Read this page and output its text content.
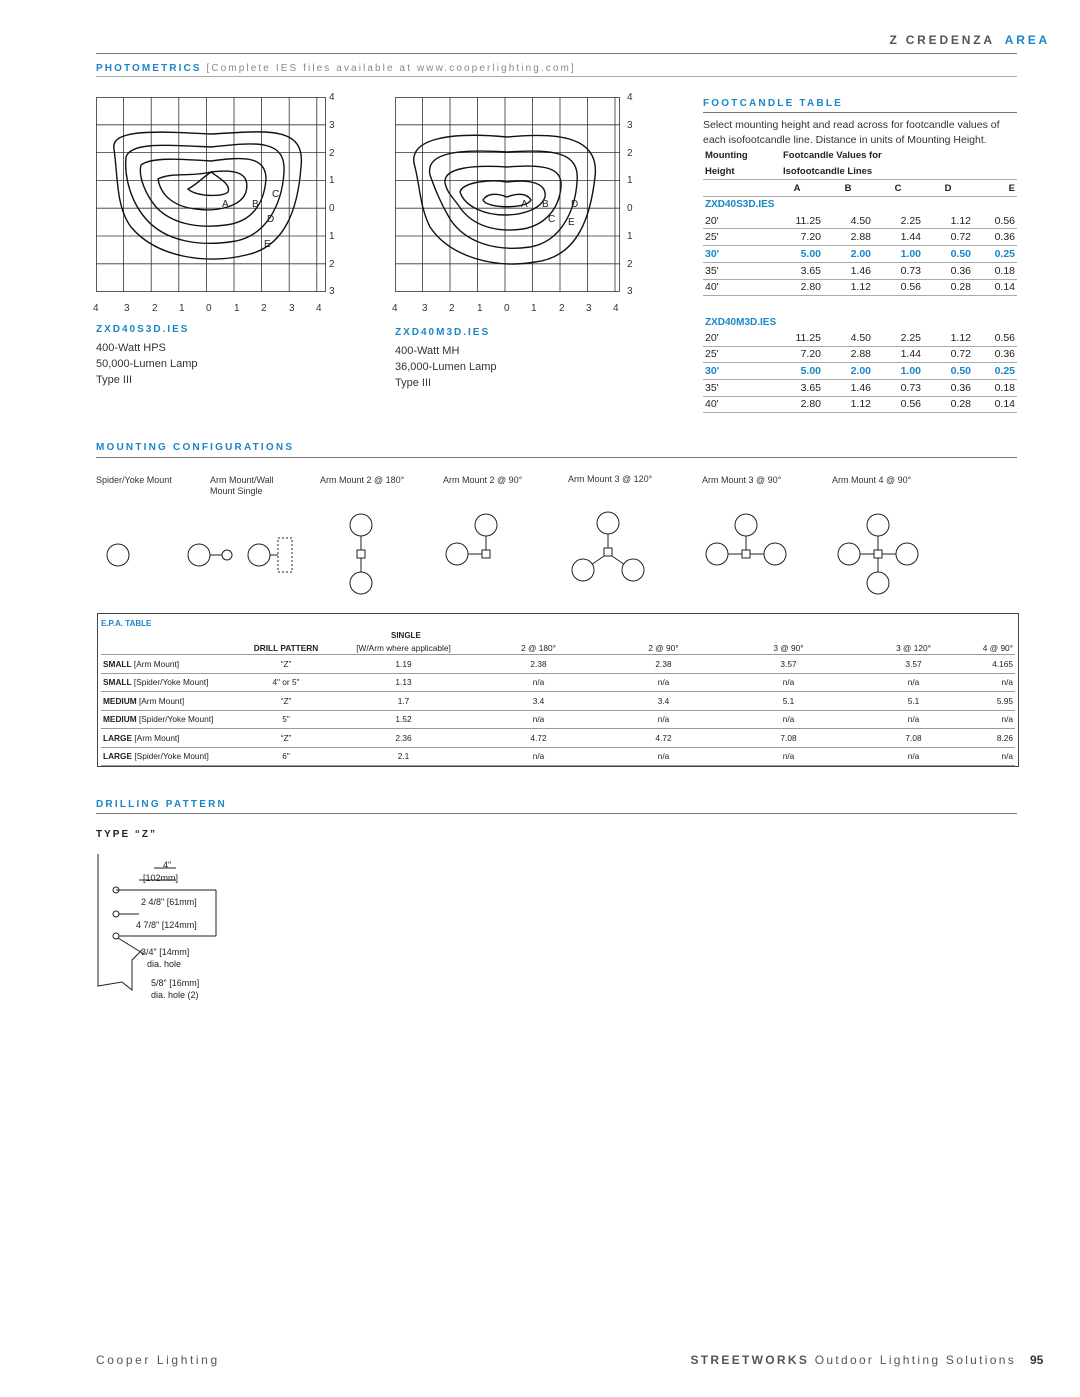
Z CREDENZA AREA
PHOTOMETRICS [Complete IES files available at www.cooperlighting.com]
A B
C
D
E
4
3
2
1
0
1
2
3
4	3 2 1 0 1 2 3 4
A B
C
D
E
4
3
2
1
0
1
2
3
4 3 2 1 0 1 2 3 4
ZXD40S3D.IES
400-Watt HPS
50,000-Lumen Lamp
Type III
ZXD40M3D.IES
400-Watt MH
36,000-Lumen Lamp
Type III
FOOTCANDLE TABLE
Select mounting height and read across for footcandle values of each isofootcandle line. Distance in units of Mounting Height.
Mounting	Footcandle Values for				
Height	Isofootcandle Lines				
	A	B	C	D	E
ZXD40S3D.IES					
20'	11.25	4.50	2.25	1.12	0.56
25'	7.20	2.88	1.44	0.72	0.36
30'	5.00	2.00	1.00	0.50	0.25
35'	3.65	1.46	0.73	0.36	0.18
40'	2.80	1.12	0.56	0.28	0.14

ZXD40M3D.IES					
20'	11.25	4.50	2.25	1.12	0.56
25'	7.20	2.88	1.44	0.72	0.36
30'	5.00	2.00	1.00	0.50	0.25
35'	3.65	1.46	0.73	0.36	0.18
40'	2.80	1.12	0.56	0.28	0.14
MOUNTING CONFIGURATIONS
Spider/Yoke Mount	Arm Mount/Wall Mount Single
Arm Mount 2 @ 180°	Arm Mount 2 @ 90°	Arm Mount 3 @ 120°	Arm Mount 3 @ 90°	Arm Mount 4 @ 90°
E.P.A. TABLE
SINGLE
	DRILL PATTERN	[W/Arm where applicable]	2 @ 180°	2 @ 90°	3 @ 90°	3 @ 120°	4 @ 90°
SMALL [Arm Mount]	“Z”	1.19	2.38	2.38	3.57	3.57	4.165
SMALL [Spider/Yoke Mount]	4" or 5"	1.13	n/a	n/a	n/a	n/a	n/a
MEDIUM [Arm Mount]	“Z”	1.7	3.4	3.4	5.1	5.1	5.95
MEDIUM [Spider/Yoke Mount]	5"	1.52	n/a	n/a	n/a	n/a	n/a
LARGE [Arm Mount]	“Z”	2.36	4.72	4.72	7.08	7.08	8.26
LARGE [Spider/Yoke Mount]	6"	2.1	n/a	n/a	n/a	n/a	n/a
DRILLING PATTERN
TYPE “Z”
4"
[102mm]
2 4/8" [61mm]
4 7/8" [124mm]
3/4" [14mm]
dia. hole
5/8" [16mm]
dia. hole (2)
Cooper Lighting	STREETWORKS Outdoor Lighting Solutions 95
